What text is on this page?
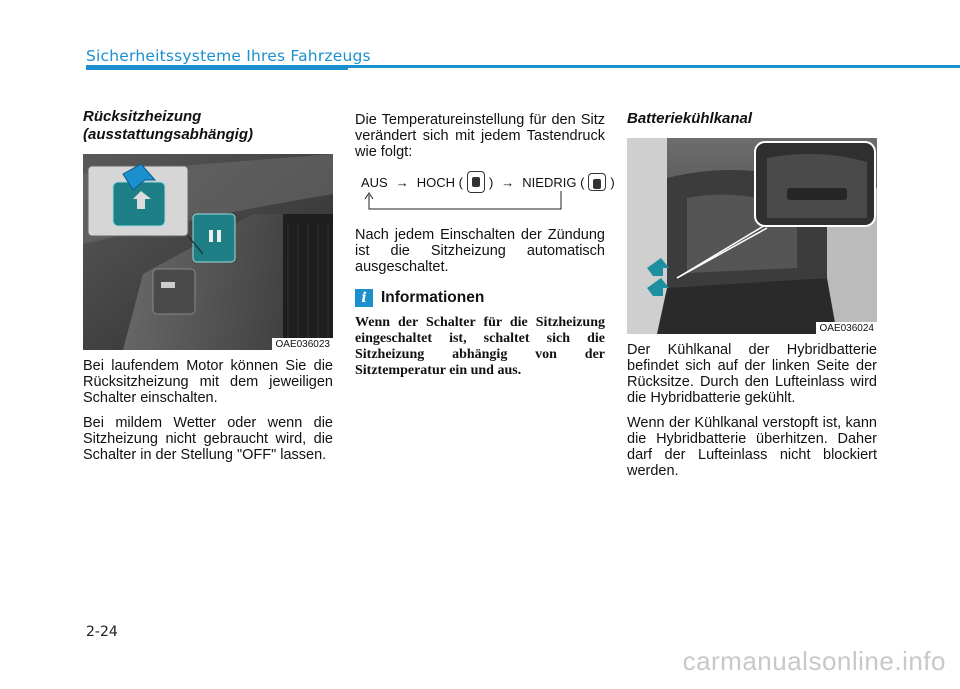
Sicherheitssysteme Ihres Fahrzeugs
Rücksitzheizung (ausstattungsabhängig)
OAE036023

Bei laufendem Motor können Sie die Rücksitzheizung mit dem jeweiligen Schalter einschalten.

Bei mildem Wetter oder wenn die Sitzheizung nicht gebraucht wird, die Schalter in der Stellung "OFF" lassen.

Die Temperatureinstellung für den Sitz verändert sich mit jedem Tastendruck wie folgt:

AUS → HOCH ( ) → NIEDRIG ( )

Nach jedem Einschalten der Zündung ist die Sitzheizung automatisch ausgeschaltet.

i Informationen

Wenn der Schalter für die Sitzheizung eingeschaltet ist, schaltet sich die Sitzheizung abhängig von der Sitztemperatur ein und aus.

Batteriekühlkanal
OAE036024

Der Kühlkanal der Hybridbatterie befindet sich auf der linken Seite der Rücksitze. Durch den Lufteinlass wird die Hybridbatterie gekühlt.

Wenn der Kühlkanal verstopft ist, kann die Hybridbatterie überhitzen. Daher darf der Lufteinlass nicht blockiert werden.

2-24
carmanualsonline.info
